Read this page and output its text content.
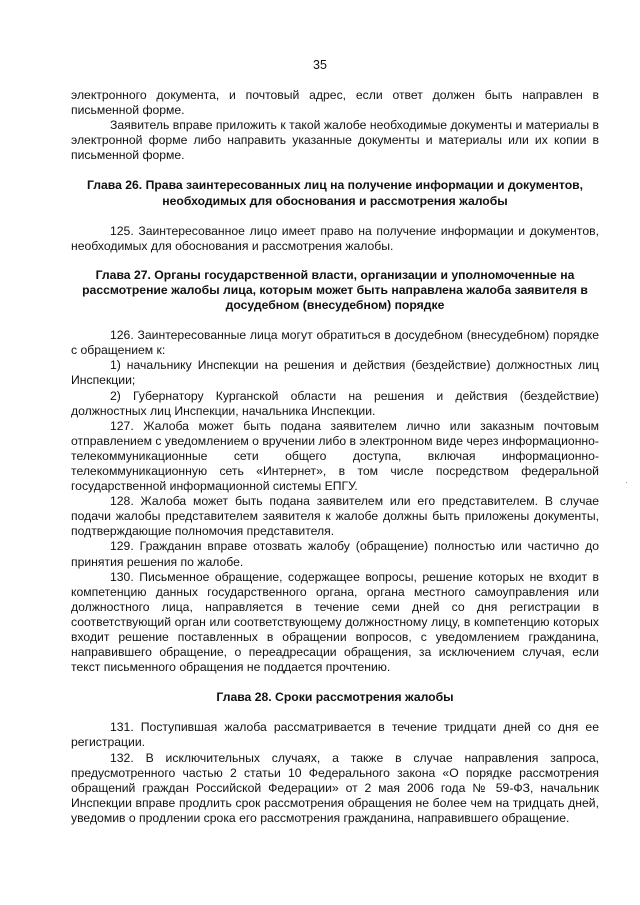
35

электронного документа, и почтовый адрес, если ответ должен быть направлен в письменной форме.

Заявитель вправе приложить к такой жалобе необходимые документы и материалы в электронной форме либо направить указанные документы и материалы или их копии в письменной форме.

Глава 26. Права заинтересованных лиц на получение информации и документов, необходимых для обоснования и рассмотрения жалобы

125. Заинтересованное лицо имеет право на получение информации и документов, необходимых для обоснования и рассмотрения жалобы.

Глава 27. Органы государственной власти, организации и уполномоченные на рассмотрение жалобы лица, которым может быть направлена жалоба заявителя в досудебном (внесудебном) порядке

126. Заинтересованные лица могут обратиться в досудебном (внесудебном) порядке с обращением к:

1) начальнику Инспекции на решения и действия (бездействие) должностных лиц Инспекции;

2) Губернатору Курганской области на решения и действия (бездействие) должностных лиц Инспекции, начальника Инспекции.

127. Жалоба может быть подана заявителем лично или заказным почтовым отправлением с уведомлением о вручении либо в электронном виде через информационно-телекоммуникационные сети общего доступа, включая информационно-телекоммуникационную сеть «Интернет», в том числе посредством федеральной государственной информационной системы ЕПГУ.

128. Жалоба может быть подана заявителем или его представителем. В случае подачи жалобы представителем заявителя к жалобе должны быть приложены документы, подтверждающие полномочия представителя.

129. Гражданин вправе отозвать жалобу (обращение) полностью или частично до принятия решения по жалобе.

130. Письменное обращение, содержащее вопросы, решение которых не входит в компетенцию данных государственного органа, органа местного самоуправления или должностного лица, направляется в течение семи дней со дня регистрации в соответствующий орган или соответствующему должностному лицу, в компетенцию которых входит решение поставленных в обращении вопросов, с уведомлением гражданина, направившего обращение, о переадресации обращения, за исключением случая, если текст письменного обращения не поддается прочтению.

Глава 28. Сроки рассмотрения жалобы

131. Поступившая жалоба рассматривается в течение тридцати дней со дня ее регистрации.

132. В исключительных случаях, а также в случае направления запроса, предусмотренного частью 2 статьи 10 Федерального закона «О порядке рассмотрения обращений граждан Российской Федерации» от 2 мая 2006 года № 59-ФЗ, начальник Инспекции вправе продлить срок рассмотрения обращения не более чем на тридцать дней, уведомив о продлении срока его рассмотрения гражданина, направившего обращение.
